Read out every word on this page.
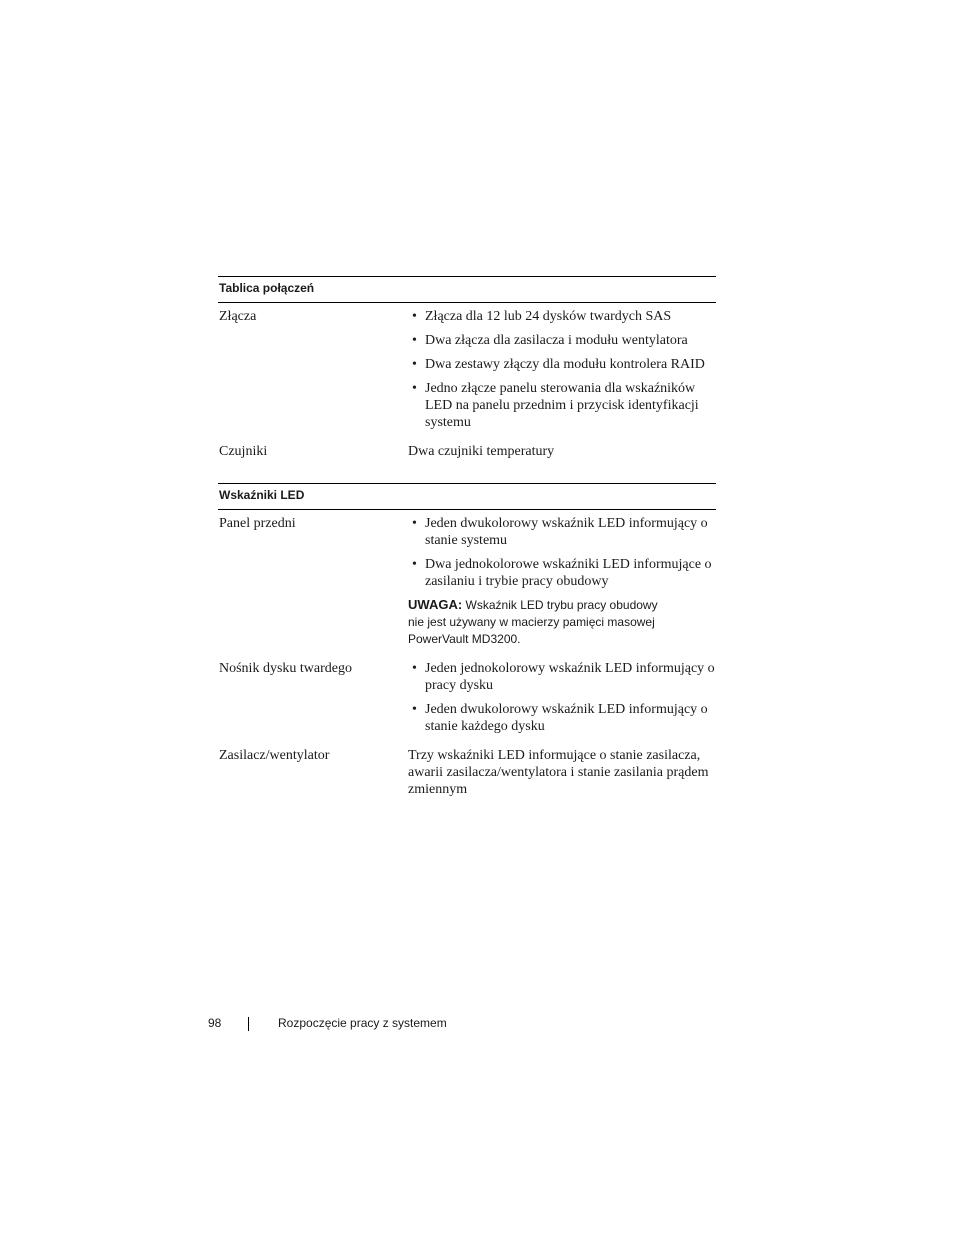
Tablica połączeń
Złącza	• Złącza dla 12 lub 24 dysków twardych SAS
• Dwa złącza dla zasilacza i modułu wentylatora
• Dwa zestawy złączy dla modułu kontrolera RAID
• Jedno złącze panelu sterowania dla wskaźników LED na panelu przednim i przycisk identyfikacji systemu
Czujniki	Dwa czujniki temperatury
Wskaźniki LED
Panel przedni	• Jeden dwukolorowy wskaźnik LED informujący o stanie systemu
• Dwa jednokolorowe wskaźniki LED informujące o zasilaniu i trybie pracy obudowy
UWAGA: Wskaźnik LED trybu pracy obudowy nie jest używany w macierzy pamięci masowej PowerVault MD3200.
Nośnik dysku twardego	• Jeden jednokolorowy wskaźnik LED informujący o pracy dysku
• Jeden dwukolorowy wskaźnik LED informujący o stanie każdego dysku
Zasilacz/wentylator	Trzy wskaźniki LED informujące o stanie zasilacza, awarii zasilacza/wentylatora i stanie zasilania prądem zmiennym
98	Rozpoczęcie pracy z systemem
